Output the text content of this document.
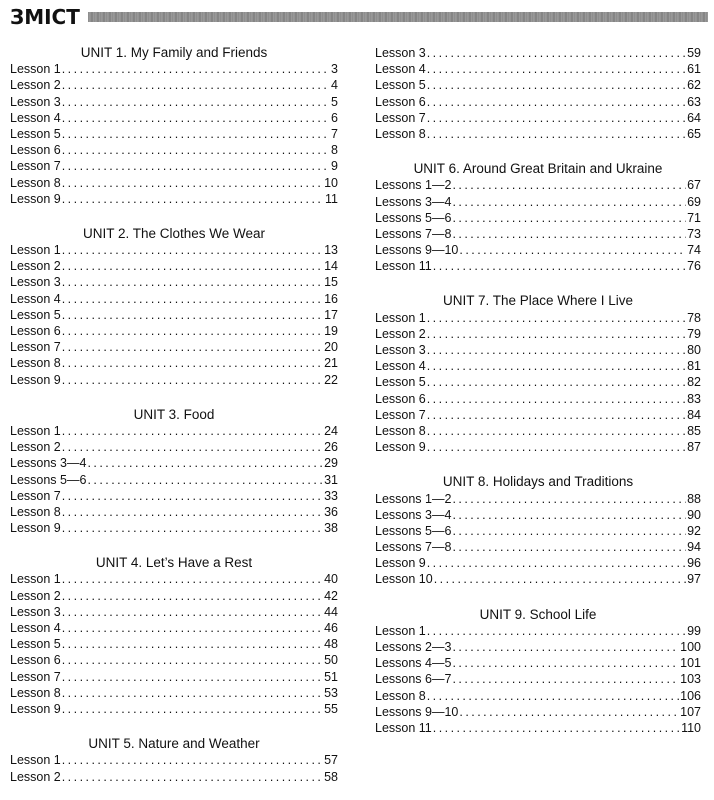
ЗМІСТ
UNIT 1. My Family and Friends
Lesson 1 . . .	3
Lesson 2 . . .	4
Lesson 3 . . .	5
Lesson 4 . . .	6
Lesson 5 . . .	7
Lesson 6 . . .	8
Lesson 7 . . .	9
Lesson 8 . . .	10
Lesson 9 . . .	11
UNIT 2. The Clothes We Wear
Lesson 1 . . .	13
Lesson 2 . . .	14
Lesson 3 . . .	15
Lesson 4 . . .	16
Lesson 5 . . .	17
Lesson 6 . . .	19
Lesson 7 . . .	20
Lesson 8 . . .	21
Lesson 9 . . .	22
UNIT 3. Food
Lesson 1 . . .	24
Lesson 2 . . .	26
Lessons 3—4 . . .	29
Lessons 5—6 . . .	31
Lesson 7 . . .	33
Lesson 8 . . .	36
Lesson 9 . . .	38
UNIT 4. Let’s Have a Rest
Lesson 1 . . .	40
Lesson 2 . . .	42
Lesson 3 . . .	44
Lesson 4 . . .	46
Lesson 5 . . .	48
Lesson 6 . . .	50
Lesson 7 . . .	51
Lesson 8 . . .	53
Lesson 9 . . .	55
UNIT 5. Nature and Weather
Lesson 1 . . .	57
Lesson 2 . . .	58
Lesson 3 . . .	59
Lesson 4 . . .	61
Lesson 5 . . .	62
Lesson 6 . . .	63
Lesson 7 . . .	64
Lesson 8 . . .	65
UNIT 6. Around Great Britain and Ukraine
Lessons 1—2 . . .	67
Lessons 3—4 . . .	69
Lessons 5—6 . . .	71
Lessons 7—8 . . .	73
Lessons 9—10 . . .	74
Lesson 11 . . .	76
UNIT 7. The Place Where I Live
Lesson 1 . . .	78
Lesson 2 . . .	79
Lesson 3 . . .	80
Lesson 4 . . .	81
Lesson 5 . . .	82
Lesson 6 . . .	83
Lesson 7 . . .	84
Lesson 8 . . .	85
Lesson 9 . . .	87
UNIT 8. Holidays and Traditions
Lessons 1—2 . . .	88
Lessons 3—4 . . .	90
Lessons 5—6 . . .	92
Lessons 7—8 . . .	94
Lesson 9 . . .	96
Lesson 10 . . .	97
UNIT 9. School Life
Lesson 1 . . .	99
Lessons 2—3 . . .	100
Lessons 4—5 . . .	101
Lessons 6—7 . . .	103
Lesson 8 . . .	106
Lessons 9—10 . . .	107
Lesson 11 . . .	110
